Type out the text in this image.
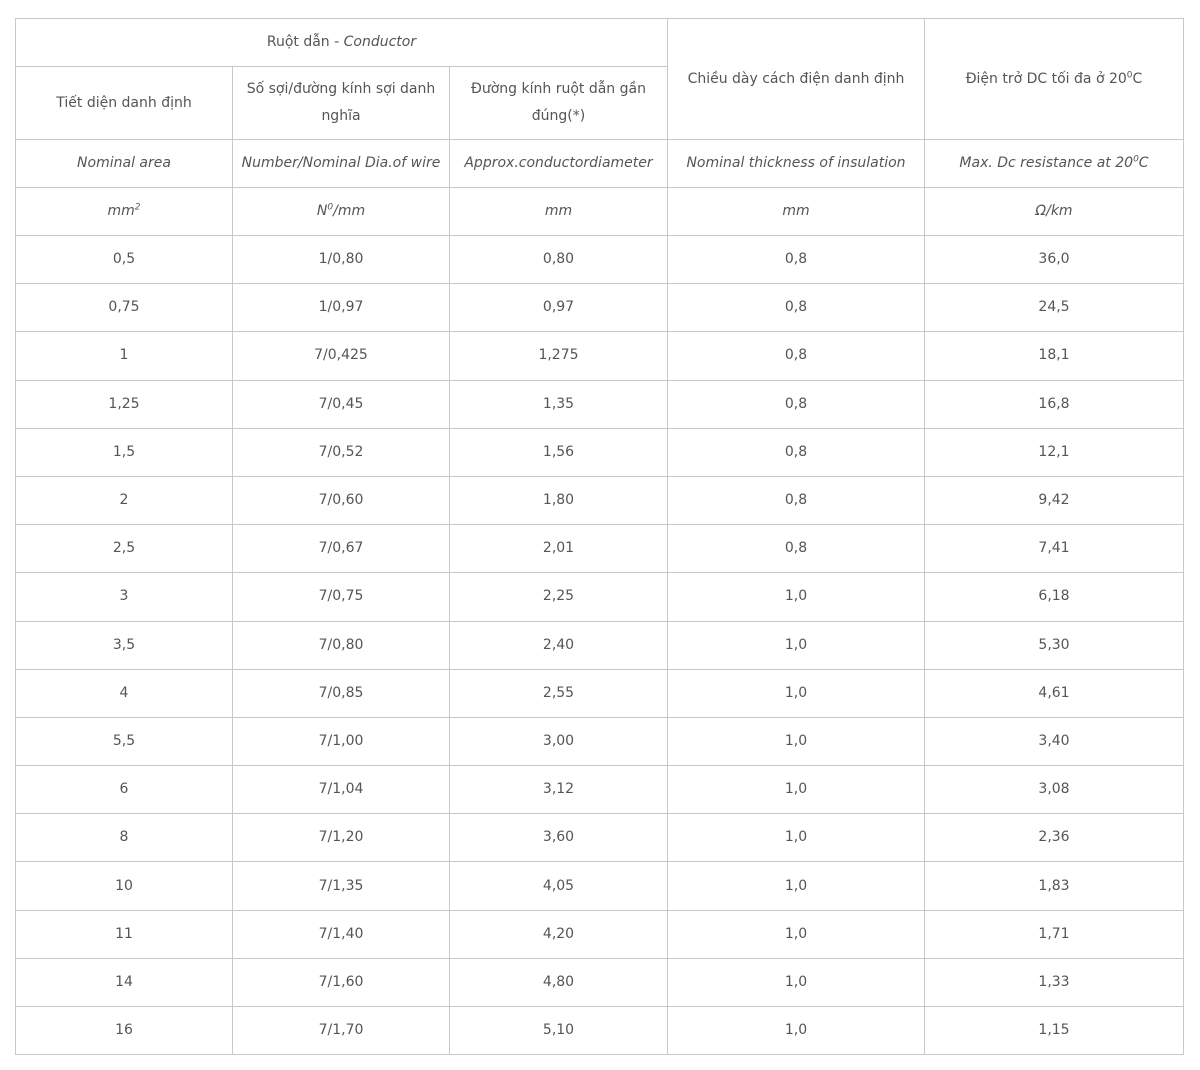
Ruột dẫn - Conductor			Chiều dày cách điện danh định	Điện trở DC tối đa ở $20^0C$
Tiết diện danh định	Số sợi/đường kính sợi danh nghĩa	Đường kính ruột dẫn gần đúng(*)		
Nominal area	Number/Nominal Dia.of wire	Approx.conductordiameter	Nominal thickness of insulation	Max. Dc resistance at $20^0C$
$mm^2$	$N^0/mm$	mm	mm	Ω/km
0,5	1/0,80	0,80	0,8	36,0
0,75	1/0,97	0,97	0,8	24,5
1	7/0,425	1,275	0,8	18,1
1,25	7/0,45	1,35	0,8	16,8
1,5	7/0,52	1,56	0,8	12,1
2	7/0,60	1,80	0,8	9,42
2,5	7/0,67	2,01	0,8	7,41
3	7/0,75	2,25	1,0	6,18
3,5	7/0,80	2,40	1,0	5,30
4	7/0,85	2,55	1,0	4,61
5,5	7/1,00	3,00	1,0	3,40
6	7/1,04	3,12	1,0	3,08
8	7/1,20	3,60	1,0	2,36
10	7/1,35	4,05	1,0	1,83
11	7/1,40	4,20	1,0	1,71
14	7/1,60	4,80	1,0	1,33
16	7/1,70	5,10	1,0	1,15
